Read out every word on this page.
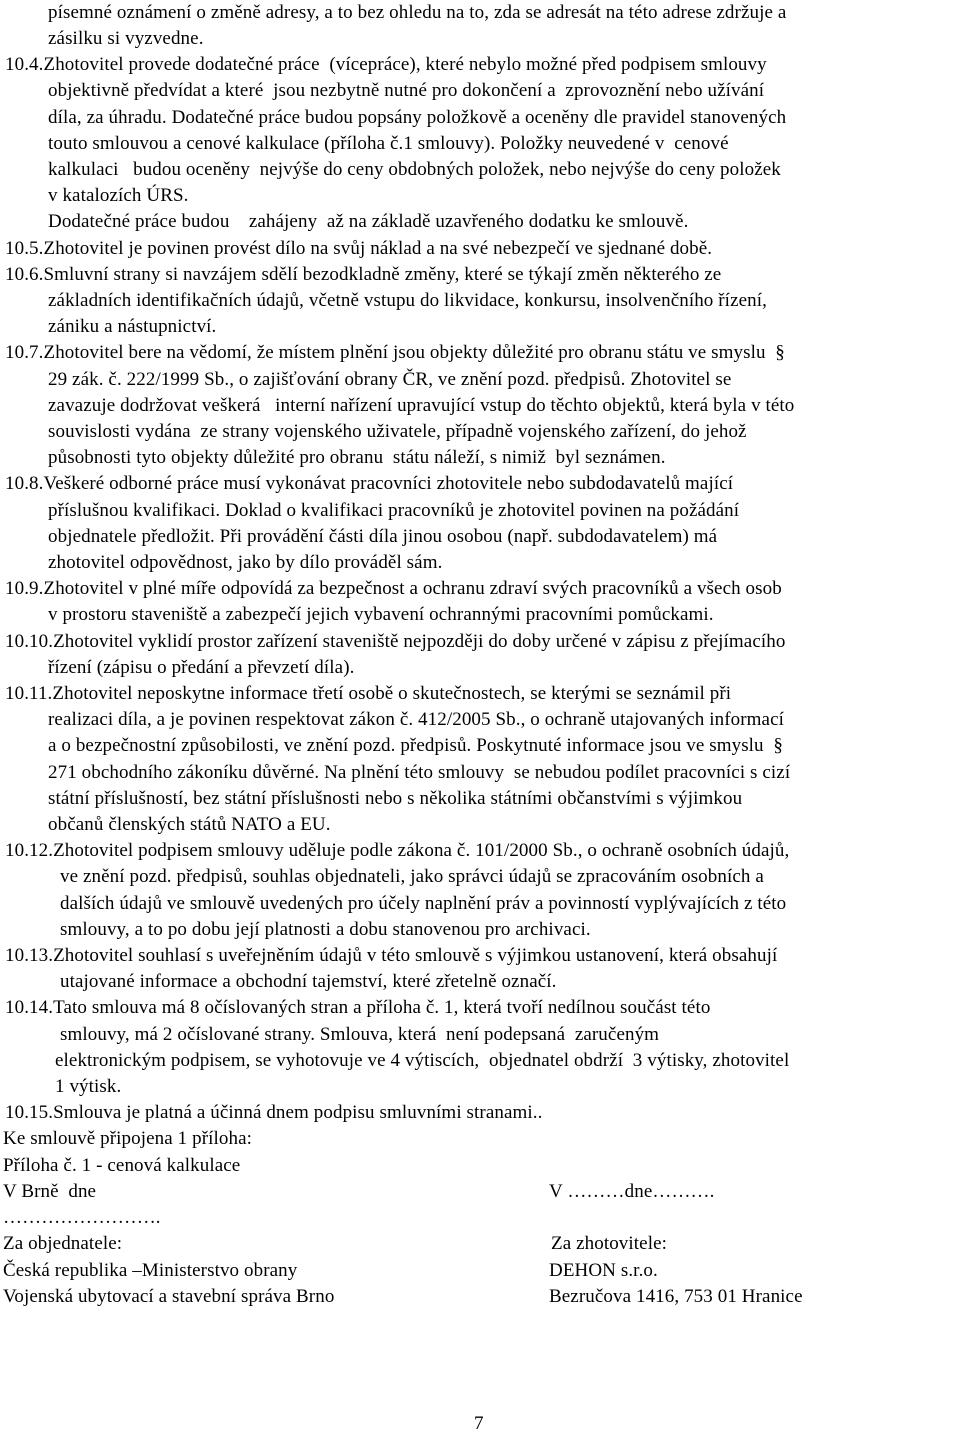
písemné oznámení o změně adresy, a to bez ohledu na to, zda se adresát na této adrese zdržuje a
zásilku si vyzvedne.
10.4.Zhotovitel provede dodatečné práce  (vícepráce), které nebylo možné před podpisem smlouvy
objektivně předvídat a které  jsou nezbytně nutné pro dokončení a  zprovoznění nebo užívání
díla, za úhradu. Dodatečné práce budou popsány položkově a oceněny dle pravidel stanovených
touto smlouvou a cenové kalkulace (příloha č.1 smlouvy). Položky neuvedené v  cenové
kalkulaci   budou oceněny  nejvýše do ceny obdobných položek, nebo nejvýše do ceny položek
v katalozích ÚRS.
Dodatečné práce budou    zahájeny  až na základě uzavřeného dodatku ke smlouvě.
10.5.Zhotovitel je povinen provést dílo na svůj náklad a na své nebezpečí ve sjednané době.
10.6.Smluvní strany si navzájem sdělí bezodkladně změny, které se týkají změn některého ze
základních identifikačních údajů, včetně vstupu do likvidace, konkursu, insolvenčního řízení,
zániku a nástupnictví.
10.7.Zhotovitel bere na vědomí, že místem plnění jsou objekty důležité pro obranu státu ve smyslu  §
29 zák. č. 222/1999 Sb., o zajišťování obrany ČR, ve znění pozd. předpisů. Zhotovitel se
zavazuje dodržovat veškerá   interní nařízení upravující vstup do těchto objektů, která byla v této
souvislosti vydána  ze strany vojenského uživatele, případně vojenského zařízení, do jehož
působnosti tyto objekty důležité pro obranu  státu náleží, s nimiž  byl seznámen.
10.8.Veškeré odborné práce musí vykonávat pracovníci zhotovitele nebo subdodavatelů mající
příslušnou kvalifikaci. Doklad o kvalifikaci pracovníků je zhotovitel povinen na požádání
objednatele předložit. Při provádění části díla jinou osobou (např. subdodavatelem) má
zhotovitel odpovědnost, jako by dílo prováděl sám.
10.9.Zhotovitel v plné míře odpovídá za bezpečnost a ochranu zdraví svých pracovníků a všech osob
v prostoru staveniště a zabezpečí jejich vybavení ochrannými pracovními pomůckami.
10.10.Zhotovitel vyklidí prostor zařízení staveniště nejpozději do doby určené v zápisu z přejímacího
řízení (zápisu o předání a převzetí díla).
10.11.Zhotovitel neposkytne informace třetí osobě o skutečnostech, se kterými se seznámil při
realizaci díla, a je povinen respektovat zákon č. 412/2005 Sb., o ochraně utajovaných informací
a o bezpečnostní způsobilosti, ve znění pozd. předpisů. Poskytnuté informace jsou ve smyslu  §
271 obchodního zákoníku důvěrné. Na plnění této smlouvy  se nebudou podílet pracovníci s cizí
státní příslušností, bez státní příslušnosti nebo s několika státními občanstvími s výjimkou
občanů členských států NATO a EU.
10.12.Zhotovitel podpisem smlouvy uděluje podle zákona č. 101/2000 Sb., o ochraně osobních údajů,
ve znění pozd. předpisů, souhlas objednateli, jako správci údajů se zpracováním osobních a
dalších údajů ve smlouvě uvedených pro účely naplnění práv a povinností vyplývajících z této
smlouvy, a to po dobu její platnosti a dobu stanovenou pro archivaci.
10.13.Zhotovitel souhlasí s uveřejněním údajů v této smlouvě s výjimkou ustanovení, která obsahují
utajované informace a obchodní tajemství, které zřetelně označí.
10.14.Tato smlouva má 8 očíslovaných stran a příloha č. 1, která tvoří nedílnou součást této
smlouvy, má 2 očíslované strany. Smlouva, která  není podepsaná  zaručeným
elektronickým podpisem, se vyhotovuje ve 4 výtiscích,  objednatel obdrží  3 výtisky, zhotovitel
1 výtisk.
10.15.Smlouva je platná a účinná dnem podpisu smluvními stranami..
Ke smlouvě připojena 1 příloha:
Příloha č. 1 - cenová kalkulace
V Brně  dne	V ………dne……….
…………………….
Za objednatele:	Za zhotovitele:
Česká republika –Ministerstvo obrany	DEHON s.r.o.
Vojenská ubytovací a stavební správa Brno	Bezručova 1416, 753 01 Hranice
7
